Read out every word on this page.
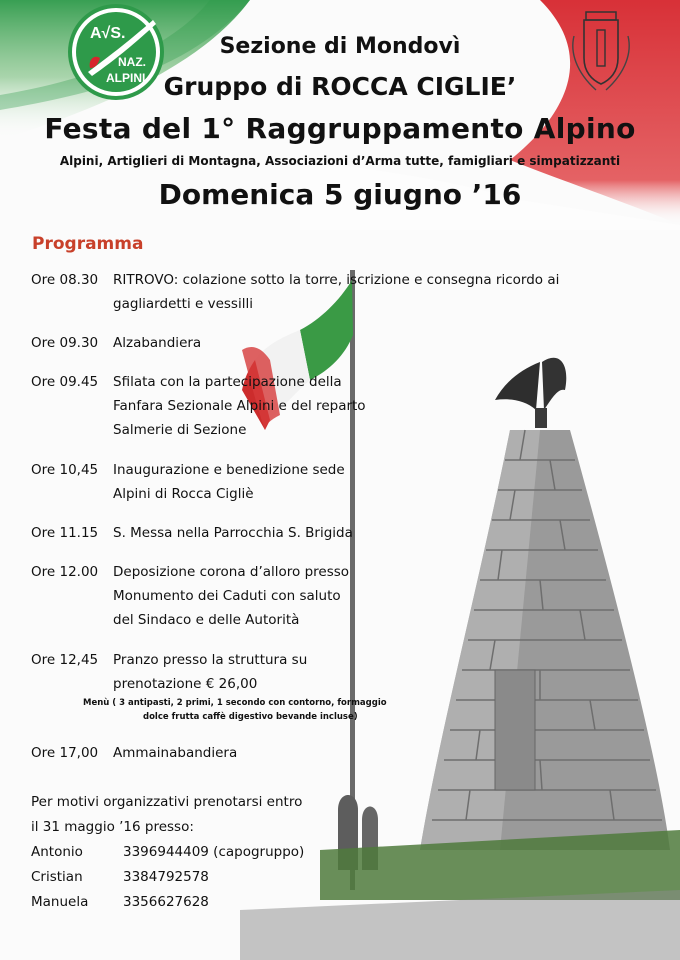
A√S.
NAZ.
ALPINI
Sezione di Mondovì
Gruppo di ROCCA CIGLIE’
Festa del 1° Raggruppamento Alpino
Alpini, Artiglieri di Montagna, Associazioni d’Arma tutte, famigliari e simpatizzanti
Domenica 5 giugno ’16
Programma
Ore 08.30	RITROVO: colazione sotto la torre, iscrizione e consegna ricordo ai
gagliardetti e vessilli
Ore 09.30	Alzabandiera
Ore 09.45	Sfilata con la partecipazione della
Fanfara Sezionale Alpini e del reparto
Salmerie di Sezione
Ore 10,45	Inaugurazione e benedizione sede
Alpini di Rocca Cigliè
Ore 11.15	S. Messa nella Parrocchia S. Brigida
Ore 12.00	Deposizione corona d’alloro presso
Monumento dei Caduti con saluto
del Sindaco e delle Autorità
Ore 12,45	Pranzo presso la struttura su
prenotazione € 26,00
Menù ( 3 antipasti, 2 primi, 1 secondo con contorno, formaggio
dolce frutta caffè digestivo bevande incluse)
Ore 17,00	Ammainabandiera
Per motivi organizzativi prenotarsi entro
il 31 maggio ’16 presso:
Antonio	3396944409 (capogruppo)
Cristian	3384792578
Manuela	3356627628
